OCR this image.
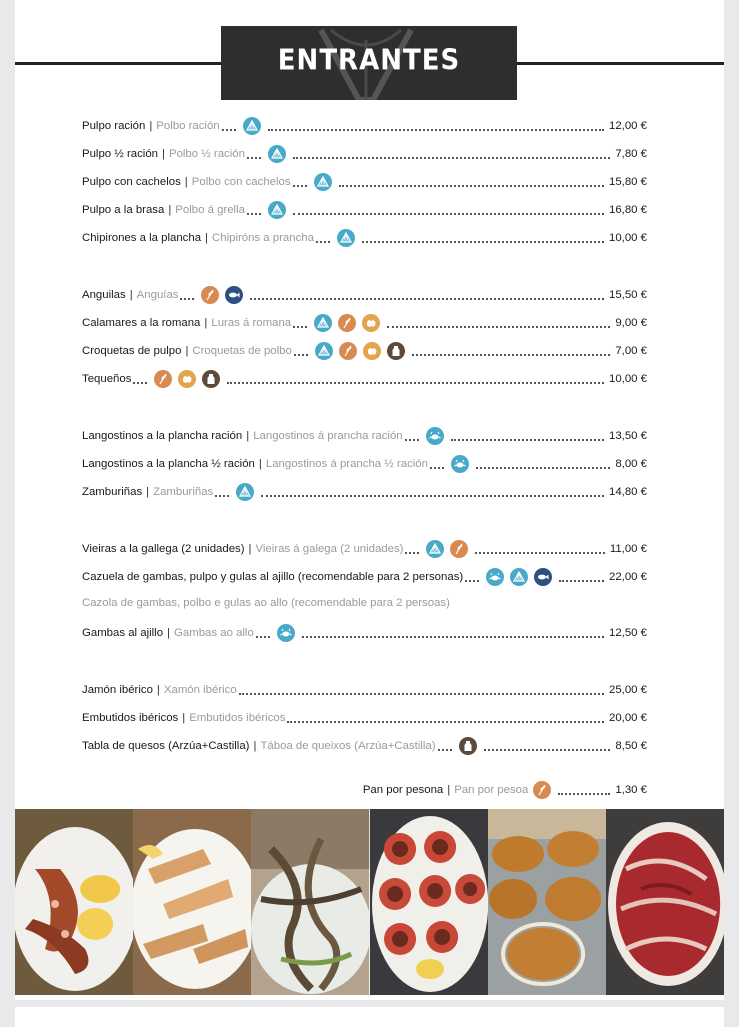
ENTRANTES
Pulpo ración | Polbo ración	12,00 €
Pulpo ½ ración | Polbo ½ ración	7,80 €
Pulpo con cachelos | Polbo con cachelos	15,80 €
Pulpo a la brasa | Polbo á grella	16,80 €
Chipirones a la plancha | Chipiróns a prancha	10,00 €
Anguilas | Anguías	15,50 €
Calamares a la romana | Luras á romana	9,00 €
Croquetas de pulpo | Croquetas de polbo	7,00 €
Tequeños	10,00 €
Langostinos a la plancha ración | Langostinos á prancha ración	13,50 €
Langostinos a la plancha ½ ración | Langostinos á prancha ½ ración	8,00 €
Zamburiñas | Zamburiñas	14,80 €
Vieiras a la gallega (2 unidades) | Vieiras á galega (2 unidades)	11,00 €
Cazuela de gambas, pulpo y gulas al ajillo (recomendable para 2 personas)	22,00 €
Gambas al ajillo | Gambas ao allo	12,50 €
Jamón ibérico | Xamón ibérico	25,00 €
Embutidos ibéricos | Embutidos ibéricos	20,00 €
Tabla de quesos (Arzúa+Castilla) | Táboa de queixos (Arzúa+Castilla)	8,50 €
Cazola de gambas, polbo e gulas ao allo (recomendable para 2 persoas)
Pan por pesona | Pan por pesoa	1,30 €
